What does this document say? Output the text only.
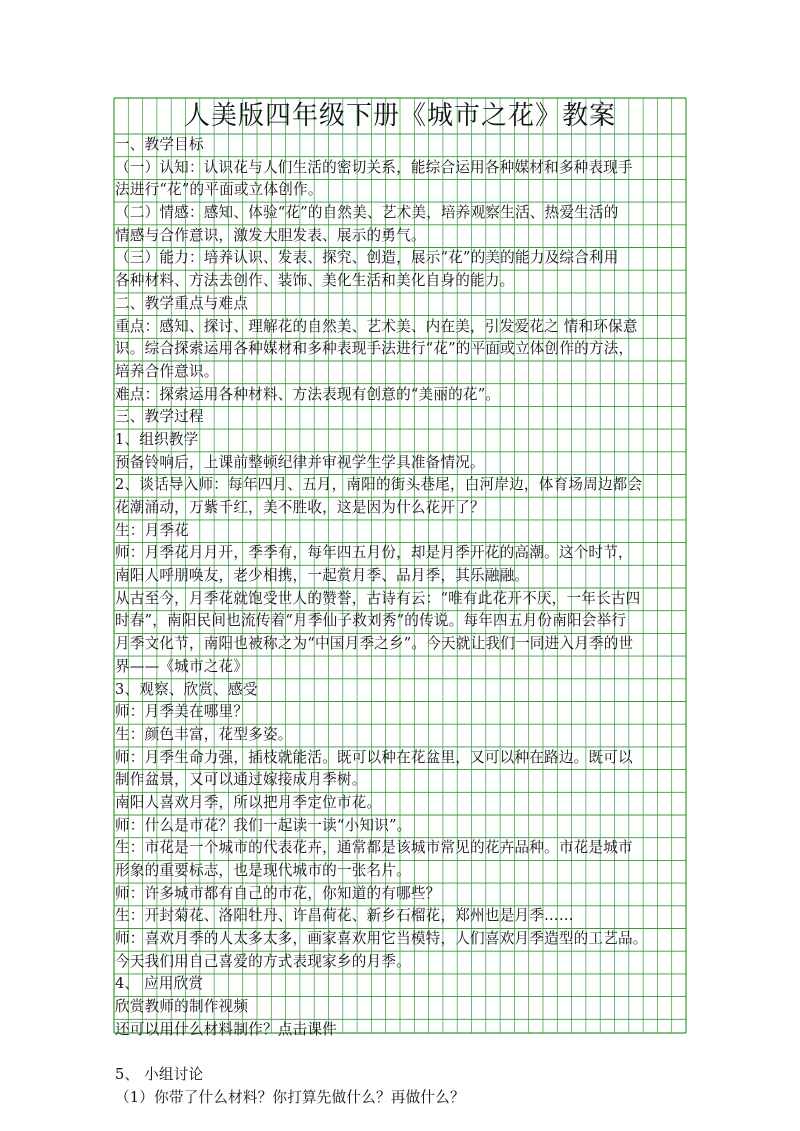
人美版四年级下册《城市之花》教案
一、教学目标
（一）认知：认识花与人们生活的密切关系，能综合运用各种媒材和多种表现手
法进行“花”的平面或立体创作。
（二）情感：感知、体验“花”的自然美、艺术美，培养观察生活、热爱生活的
情感与合作意识，激发大胆发表、展示的勇气。
（三）能力：培养认识、发表、探究、创造，展示“花”的美的能力及综合利用
各种材料、方法去创作、装饰、美化生活和美化自身的能力。
二、教学重点与难点
重点：感知、探讨、理解花的自然美、艺术美、内在美，引发爱花之 情和环保意
识。综合探索运用各种媒材和多种表现手法进行“花”的平面或立体创作的方法，
培养合作意识。
难点：探索运用各种材料、方法表现有创意的“美丽的花”。
三、教学过程
1、组织教学
预备铃响后，上课前整顿纪律并审视学生学具准备情况。
2、谈话导入师：每年四月、五月，南阳的街头巷尾，白河岸边，体育场周边都会
花潮涌动，万紫千红，美不胜收，这是因为什么花开了？
生：月季花
师：月季花月月开，季季有，每年四五月份，却是月季开花的高潮。这个时节，
南阳人呼朋唤友，老少相携，一起赏月季、品月季，其乐融融。
从古至今，月季花就饱受世人的赞誉，古诗有云：“唯有此花开不厌，一年长古四
时春”，南阳民间也流传着“月季仙子救刘秀”的传说。每年四五月份南阳会举行
月季文化节，南阳也被称之为“中国月季之乡”。今天就让我们一同进入月季的世
界——《城市之花》
3、观察、欣赏、感受
师：月季美在哪里？
生：颜色丰富，花型多姿。
师：月季生命力强，插枝就能活。既可以种在花盆里，又可以种在路边。既可以
制作盆景，又可以通过嫁接成月季树。
南阳人喜欢月季，所以把月季定位市花。
师：什么是市花？我们一起读一读“小知识”。
生：市花是一个城市的代表花卉，通常都是该城市常见的花卉品种。市花是城市
形象的重要标志，也是现代城市的一张名片。
师：许多城市都有自己的市花，你知道的有哪些？
生：开封菊花、洛阳牡丹、许昌荷花、新乡石榴花，郑州也是月季……
师：喜欢月季的人太多太多，画家喜欢用它当模特，人们喜欢月季造型的工艺品。
今天我们用自己喜爱的方式表现家乡的月季。
4、 应用欣赏
欣赏教师的制作视频
还可以用什么材料制作？点击课件
5、 小组讨论
（1）你带了什么材料？你打算先做什么？再做什么？
